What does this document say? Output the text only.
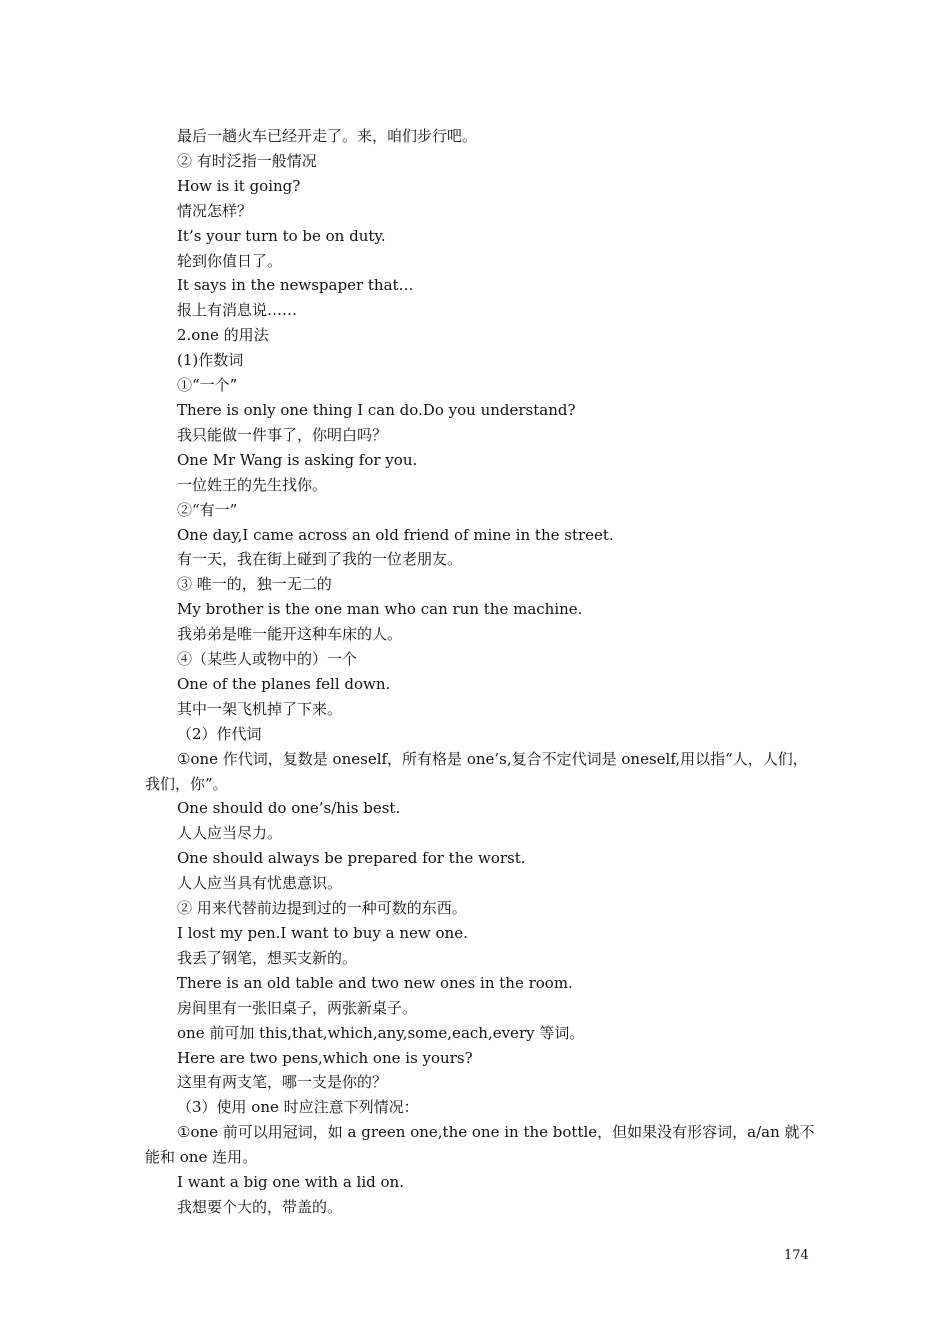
最后一趟火车已经开走了。来，咱们步行吧。
② 有时泛指一般情况
How is it going?
情况怎样？
It’s your turn to be on duty.
轮到你值日了。
It says in the newspaper that…
报上有消息说……
2.one 的用法
(1)作数词
①“一个”
There is only one thing I can do.Do you understand?
我只能做一件事了，你明白吗？
One Mr Wang is asking for you.
一位姓王的先生找你。
②“有一”
One day,I came across an old friend of mine in the street.
有一天，我在街上碰到了我的一位老朋友。
③ 唯一的，独一无二的
My brother is the one man who can run the machine.
我弟弟是唯一能开这种车床的人。
④（某些人或物中的）一个
One of the planes fell down.
其中一架飞机掉了下来。
（2）作代词
①one 作代词，复数是 oneself，所有格是 one’s,复合不定代词是 oneself,用以指“人，人们，我们，你”。
One should do one’s/his best.
人人应当尽力。
One should always be prepared for the worst.
人人应当具有忧患意识。
② 用来代替前边提到过的一种可数的东西。
I lost my pen.I want to buy a new one.
我丢了钢笔，想买支新的。
There is an old table and two new ones in the room.
房间里有一张旧桌子，两张新桌子。
one 前可加 this,that,which,any,some,each,every 等词。
Here are two pens,which one is yours?
这里有两支笔，哪一支是你的？
（3）使用 one 时应注意下列情况：
①one 前可以用冠词，如 a green one,the one in the bottle，但如果没有形容词，a/an 就不能和 one 连用。
I want a big one with a lid on.
我想要个大的，带盖的。
174
